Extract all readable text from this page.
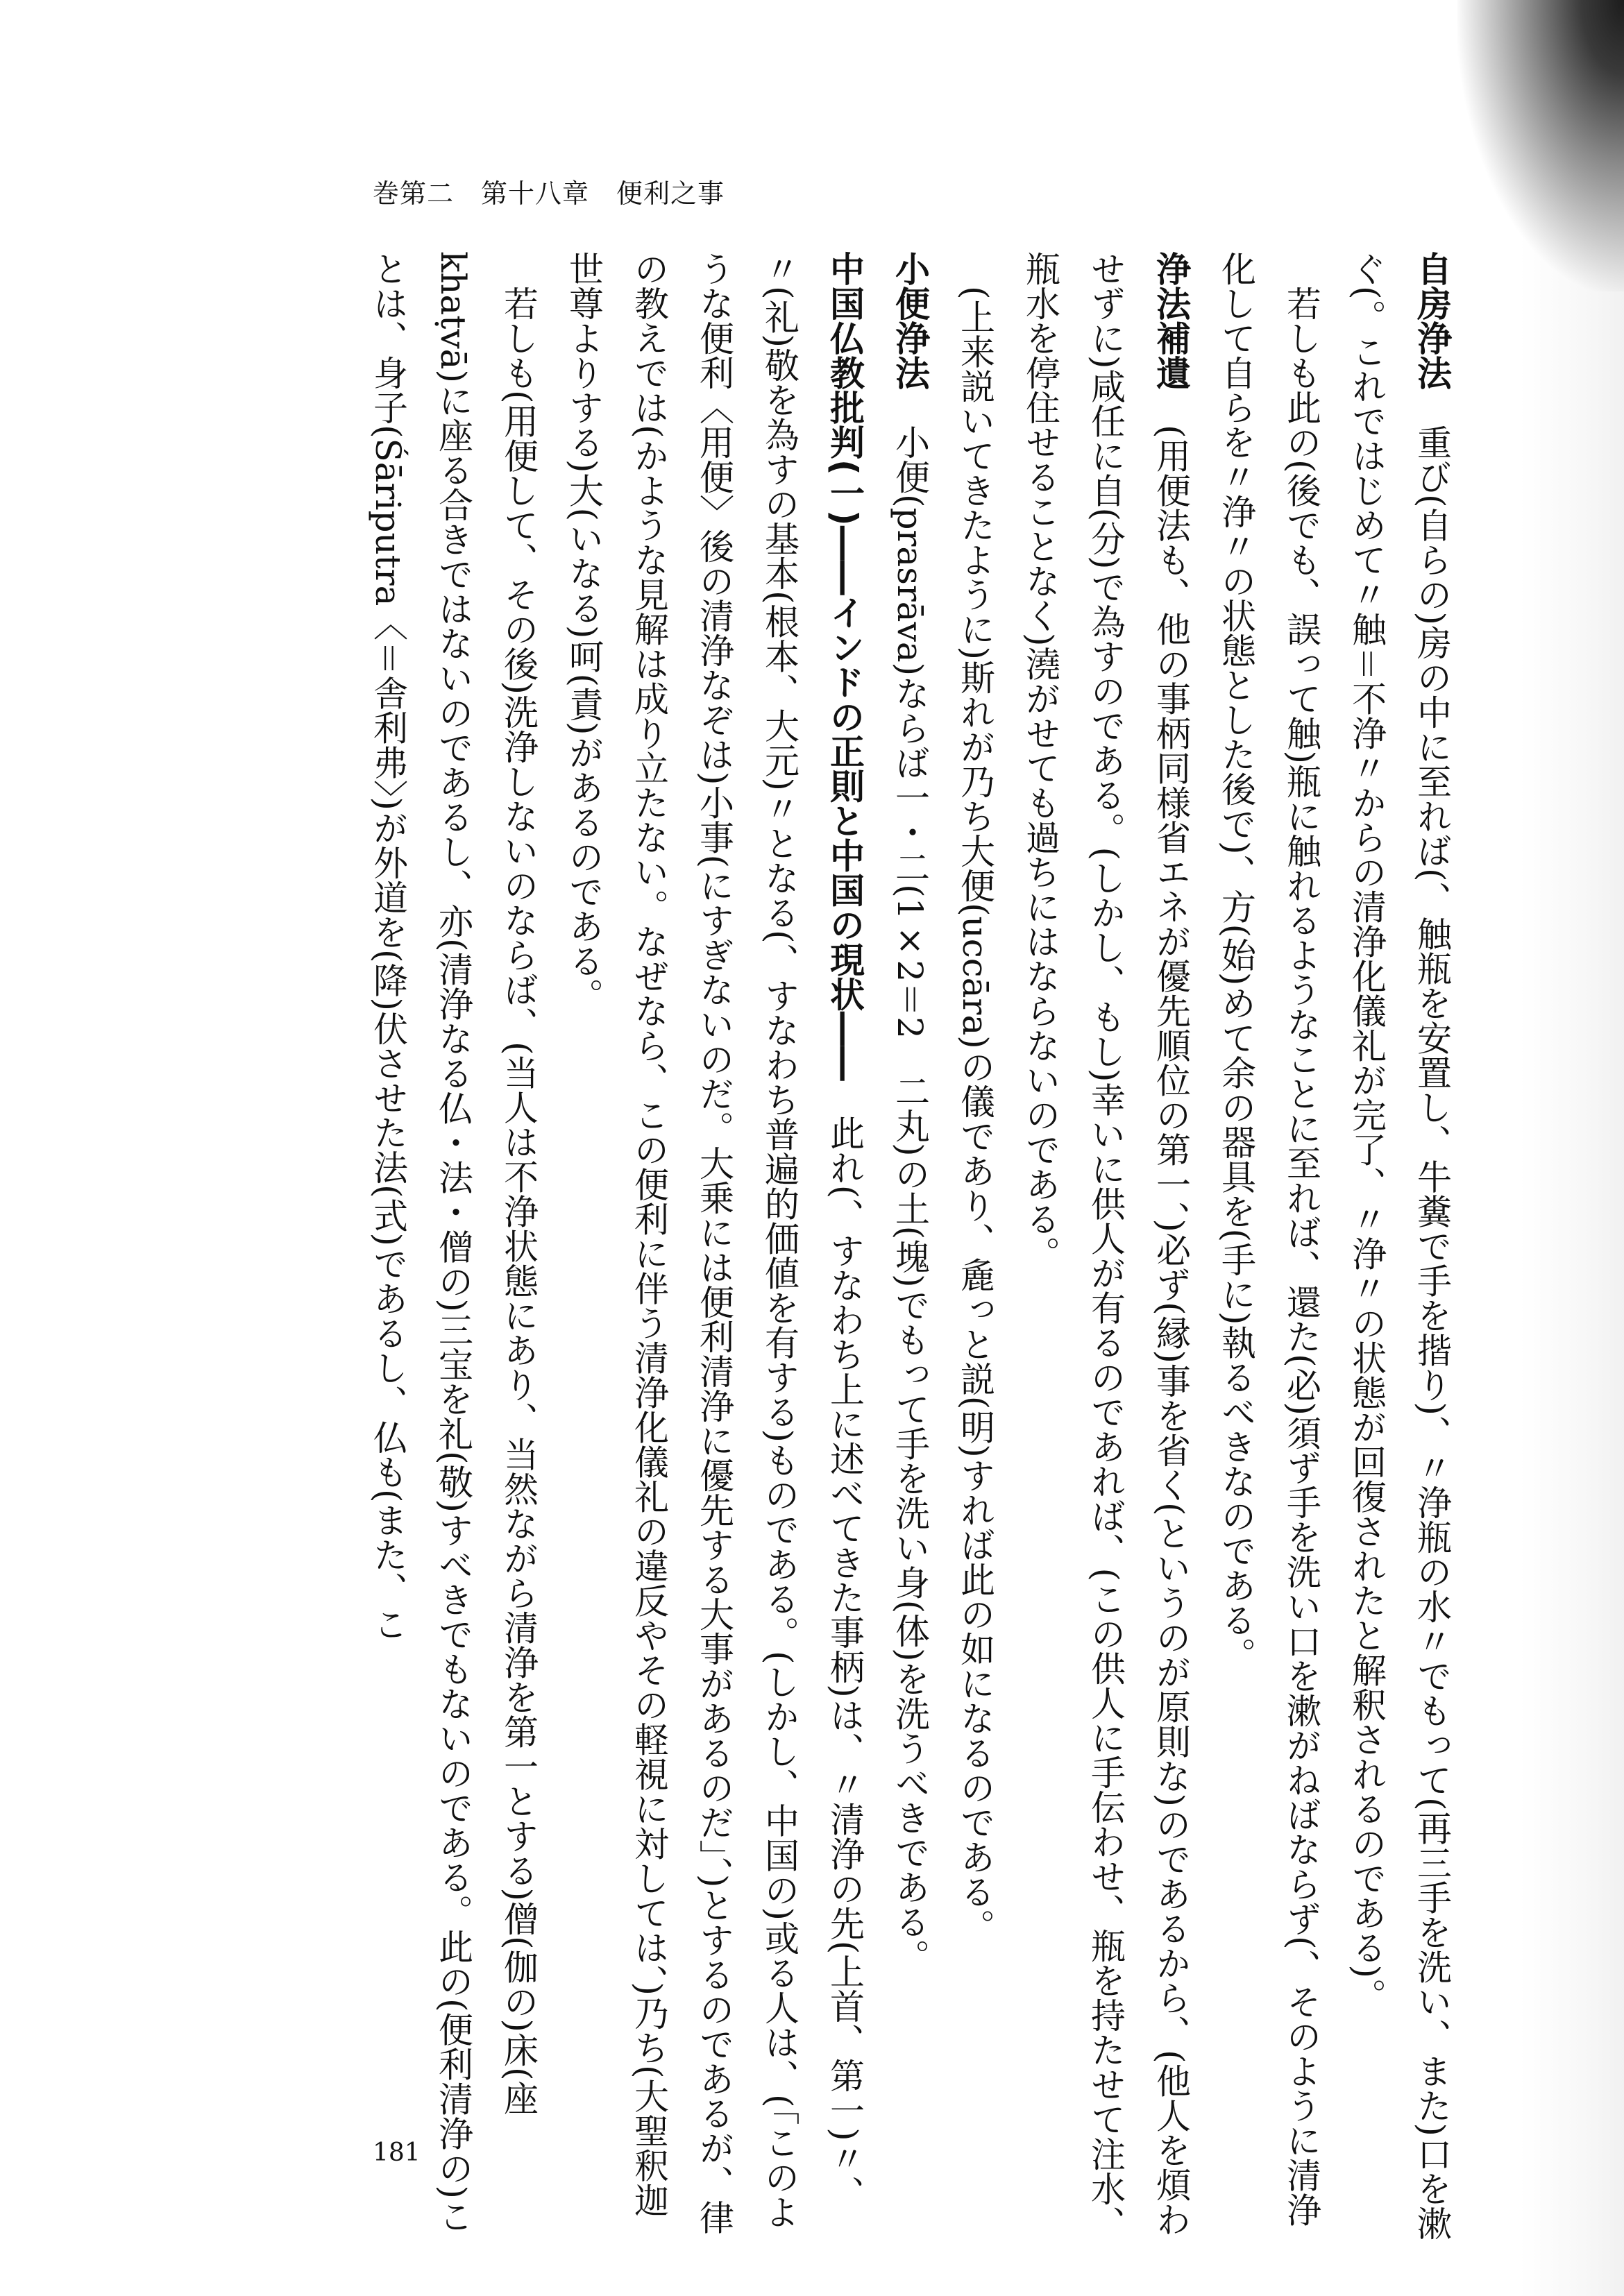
巻第二　第十八章　便利之事

自房浄法　重び(自らの)房の中に至れば(、触瓶を安置し、牛糞で手を揩り)、〃浄瓶の水〃でもって(再三手を洗い、また)口を漱ぐ(。これではじめて〃触＝不浄〃からの清浄化儀礼が完了、〃浄〃の状態が回復されたと解釈されるのである)。

若しも此の(後でも、誤って触)瓶に触れるようなことに至れば、還た(必)須ず手を洗い口を漱がねばならず(、そのように清浄化して自らを〃浄〃の状態とした後で)、方(始)めて余の器具を(手に)執るべきなのである。

浄法補遺　(用便法も、他の事柄同様省エネが優先順位の第一、)必ず(縁)事を省く(というのが原則な)のであるから、(他人を煩わせずに)咸任に自(分)で為すのである。(しかし、もし)幸いに供人が有るのであれば、(この供人に手伝わせ、瓶を持たせて注水、瓶水を停住せることなく)澆がせても過ちにはならないのである。

(上来説いてきたように)斯れが乃ち大便(uccāra)の儀であり、麁っと説(明)すれば此の如になるのである。

小便浄法　小便(prasrāva)ならば一・二(1×2＝2　二丸)の土(塊)でもって手を洗い身(体)を洗うべきである。

中国仏教批判(一)――インドの正則と中国の現状――　此れ(、すなわち上に述べてきた事柄)は、〃清浄の先(上首、第一)〃、〃(礼)敬を為すの基本(根本、大元)〃となる(、すなわち普遍的価値を有する)ものである。(しかし、中国の)或る人は、(「このような便利〈用便〉後の清浄なぞは)小事(にすぎないのだ。大乗には便利清浄に優先する大事があるのだ」、)とするのであるが、律の教えでは(かような見解は成り立たない。なぜなら、この便利に伴う清浄化儀礼の違反やその軽視に対しては、)乃ち(大聖釈迦世尊よりする)大(いなる)呵(責)があるのである。

若しも(用便して、その後)洗浄しないのならば、(当人は不浄状態にあり、当然ながら清浄を第一とする)僧(伽の)床(座　khaṭvā)に座る合きではないのであるし、亦(清浄なる仏・法・僧の)三宝を礼(敬)すべきでもないのである。此の(便利清浄の)ことは、身子(Śāriputra〈＝舎利弗〉)が外道を(降)伏させた法(式)であるし、仏も(また、こ

181
